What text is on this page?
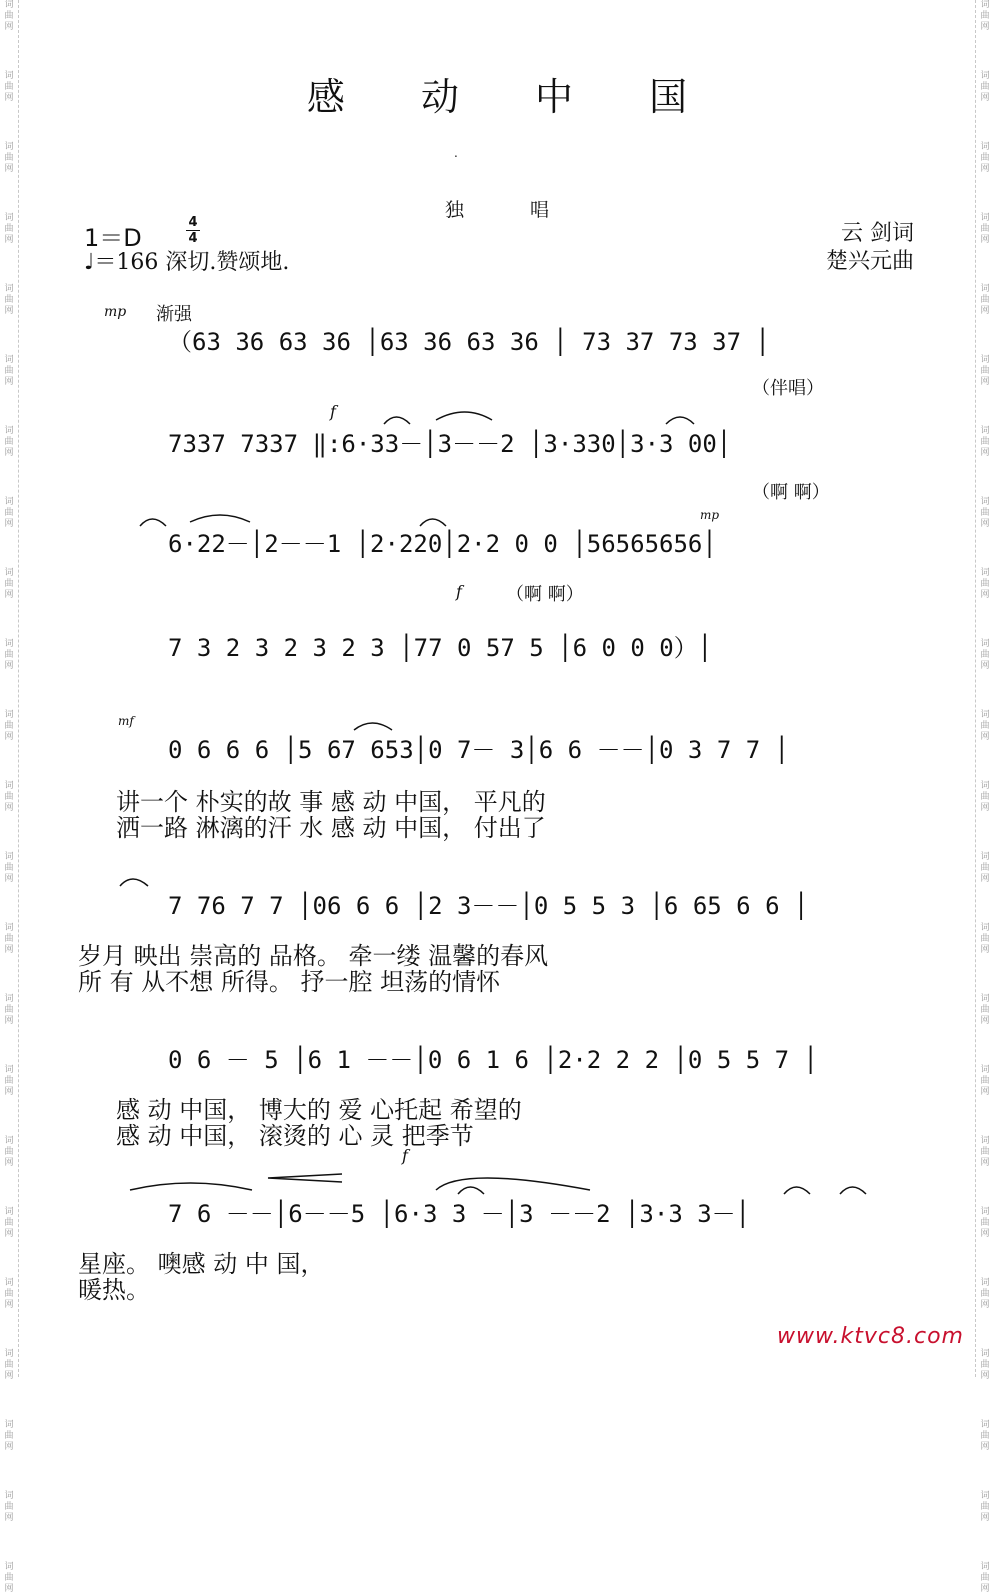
词
曲
网
词
曲
网
词
曲
网
词
曲
网
词
曲
网
词
曲
网
词
曲
网
词
曲
网
词
曲
网
词
曲
网
词
曲
网
词
曲
网
词
曲
网
词
曲
网
词
曲
网
词
曲
网
词
曲
网
词
曲
网
词
曲
网
词
曲
网
词
曲
网
词
曲
网
词
曲
网
词
曲
网
词
曲
网
词
曲
网
词
曲
网
词
曲
网
词
曲
网
词
曲
网
词
曲
网
词
曲
网
词
曲
网
词
曲
网
词
曲
网
词
曲
网
词
曲
网
词
曲
网
词
曲
网
词
曲
网
词
曲
网
词
曲
网
词
曲
网
词
曲
网
词
曲
网
词
曲
网
感 动 中 国
.
独 唱
1＝D
4
4
♩＝166 深切.赞颂地.
云 剑词
楚兴元曲
mp 渐强
（伴唱）
f
（啊 啊）
mp
f （啊 啊）
mf
f
（63 36 63 36 │63 36 63 36 │ 73 37 73 37 │
7337 7337 ‖:6·33－│3－－2 │3·330│3·3 00│
6·22－│2－－1 │2·220│2·2 0 0 │56565656│
7 3 2 3 2 3 2 3 │77 0 57 5 │6 0 0 0）│
0 6 6 6 │5 67 653│0 7－ 3│6 6 －－│0 3 7 7 │
7 76 7 7 │06 6 6 │2 3－－│0 5 5 3 │6 65 6 6 │
0 6 － 5 │6 1 －－│0 6 1 6 │2·2 2 2 │0 5 5 7 │
7 6 －－│6－－5 │6·3 3 －│3 －－2 │3·3 3－│
讲一个 朴实的故 事 感 动 中国， 平凡的
洒一路 淋漓的汗 水 感 动 中国， 付出了
岁月 映出 崇高的 品格。 牵一缕 温馨的春风
所 有 从不想 所得。 抒一腔 坦荡的情怀
感 动 中国， 博大的 爱 心托起 希望的
感 动 中国， 滚烫的 心 灵 把季节
星座。 噢感 动 中 国，
暖热。
www.ktvc8.com
